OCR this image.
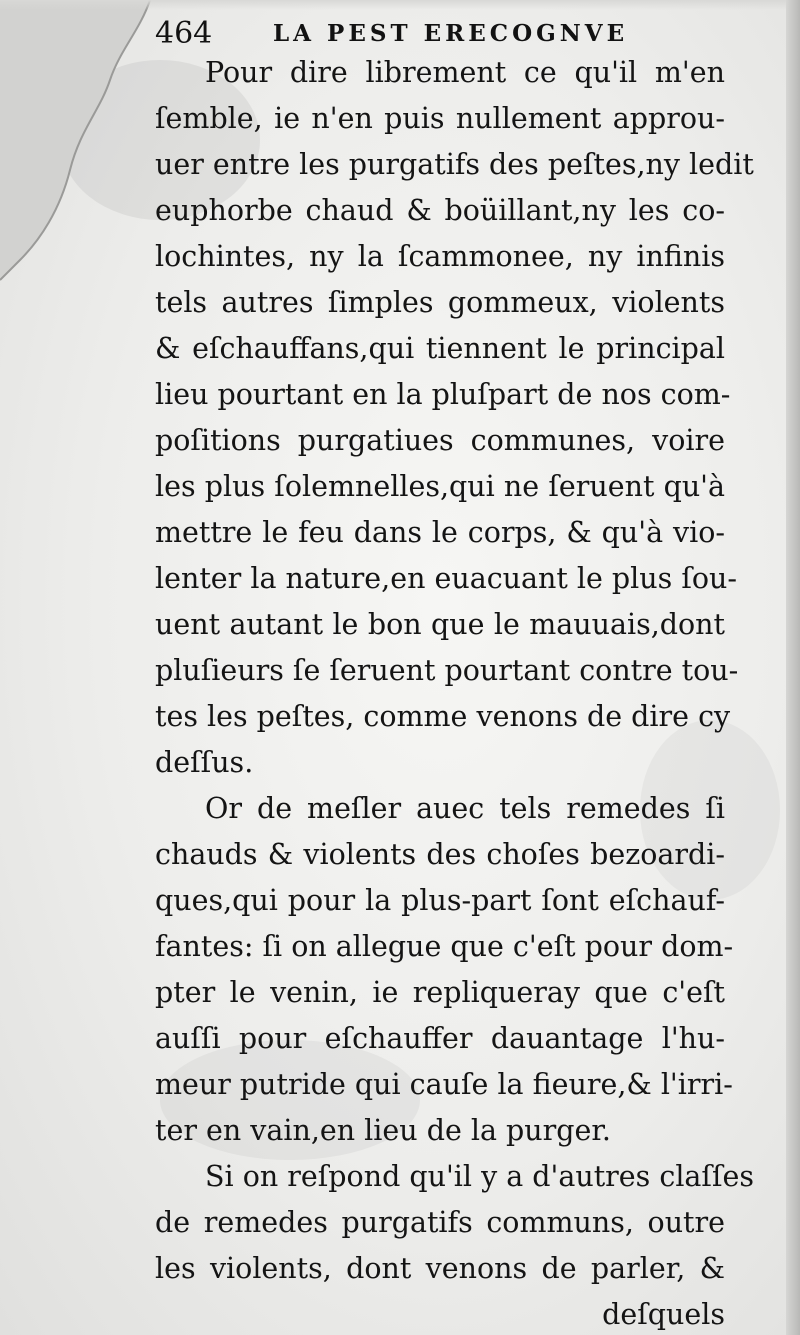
464	LA PEST ERECOGNVE
Pour dire librement ce qu'il m'en
ſemble, ie n'en puis nullement approu-
uer entre les purgatifs des peſtes,ny ledit
euphorbe chaud & boüillant,ny les co-
lochintes, ny la ſcammonee, ny infinis
tels autres ſimples gommeux, violents
& eſchauffans,qui tiennent le principal
lieu pourtant en la pluſpart de nos com-
poſitions purgatiues communes, voire
les plus ſolemnelles,qui ne ſeruent qu'à
mettre le feu dans le corps, & qu'à vio-
lenter la nature,en euacuant le plus ſou-
uent autant le bon que le mauuais,dont
pluſieurs ſe ſeruent pourtant contre tou-
tes les peſtes, comme venons de dire cy
deſſus.
Or de meſler auec tels remedes ſi
chauds & violents des choſes bezoardi-
ques,qui pour la plus-part ſont eſchauf-
fantes: ſi on allegue que c'eſt pour dom-
pter le venin, ie repliqueray que c'eſt
auſſi pour eſchauffer dauantage l'hu-
meur putride qui cauſe la fieure,& l'irri-
ter en vain,en lieu de la purger.
Si on reſpond qu'il y a d'autres claſſes
de remedes purgatifs communs, outre
les violents, dont venons de parler, &
deſquels
